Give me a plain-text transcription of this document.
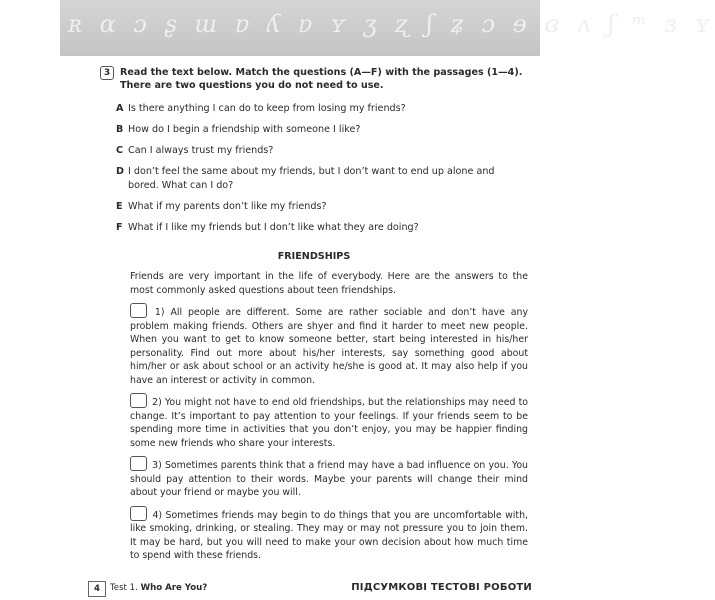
ʀ ɑ ɔ ʂ ɯ ɐ ʎ ɐ ʏ ʒ ʐ ʃ ʑ ɔ ɘ ɞ ʌ ʃ ᵐ ɜ ʏ
3	Read the text below. Match the questions (A—F) with the passages (1—4). There are two questions you do not need to use.
A Is there anything I can do to keep from losing my friends?
B How do I begin a friendship with someone I like?
C Can I always trust my friends?
D I don’t feel the same about my friends, but I don’t want to end up alone and bored. What can I do?
E What if my parents don’t like my friends?
F What if I like my friends but I don’t like what they are doing?
FRIENDSHIPS

Friends are very important in the life of everybody. Here are the answers to the most commonly asked questions about teen friendships.

1) All people are different. Some are rather sociable and don’t have any problem making friends. Others are shyer and find it harder to meet new people. When you want to get to know someone better, start being interested in his/her personality. Find out more about his/her interests, say something good about him/her or ask about school or an activity he/she is good at. It may also help if you have an interest or activity in common.

2) You might not have to end old friendships, but the relationships may need to change. It’s important to pay attention to your feelings. If your friends seem to be spending more time in activities that you don’t enjoy, you may be happier finding some new friends who share your interests.

3) Sometimes parents think that a friend may have a bad influence on you. You should pay attention to their words. Maybe your parents will change their mind about your friend or maybe you will.

4) Sometimes friends may begin to do things that you are uncomfortable with, like smoking, drinking, or stealing. They may or may not pressure you to join them. It may be hard, but you will need to make your own decision about how much time to spend with these friends.

4	Test 1. Who Are You?	ПІДСУМКОВІ ТЕСТОВІ РОБОТИ
